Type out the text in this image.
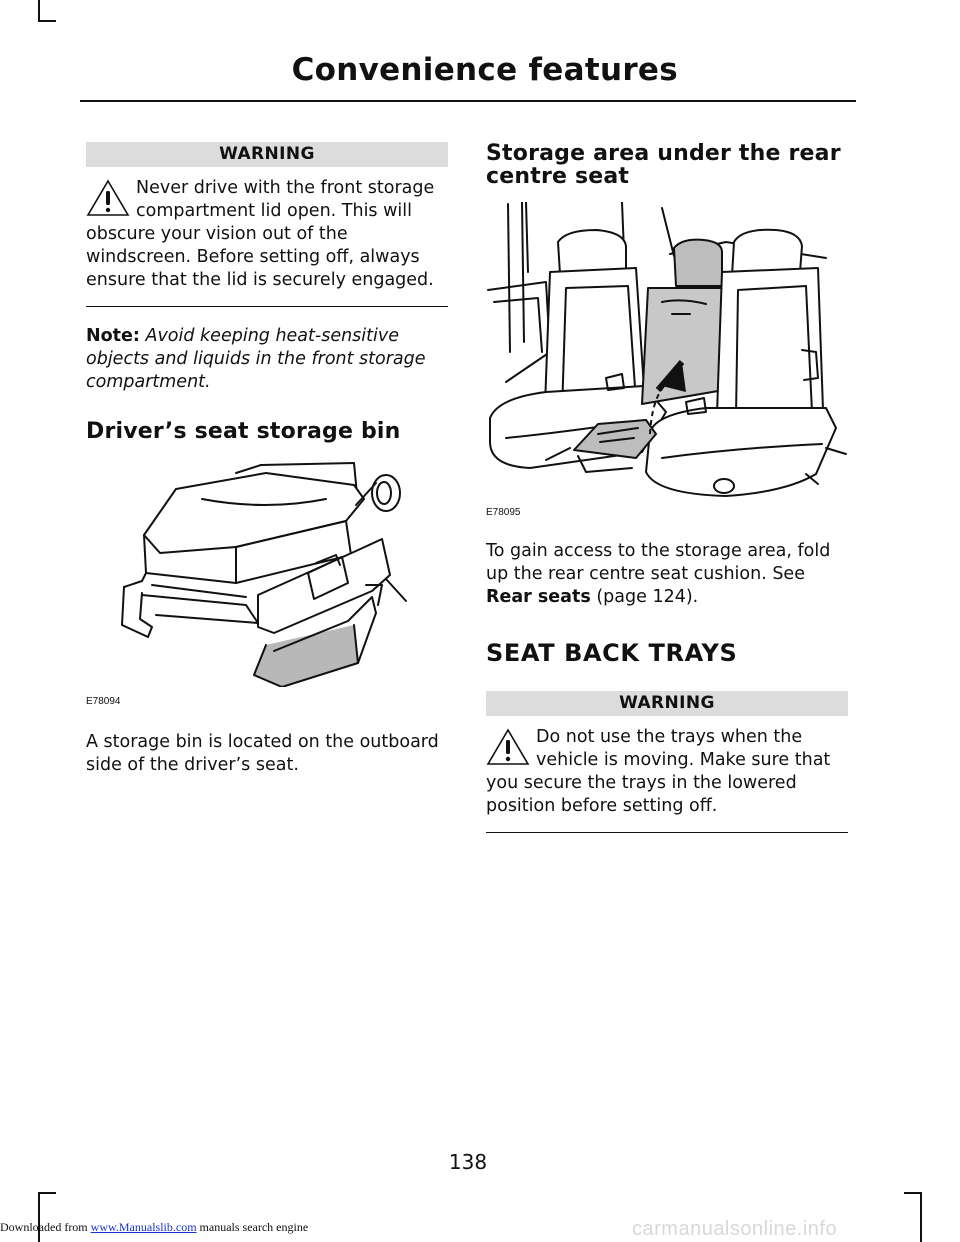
Convenience features
WARNING
Never drive with the front storage compartment lid open. This will obscure your vision out of the windscreen. Before setting off, always ensure that the lid is securely engaged.
Note: Avoid keeping heat-sensitive objects and liquids in the front storage compartment.
Driver’s seat storage bin
E78094
A storage bin is located on the outboard side of the driver’s seat.
Storage area under the rear centre seat
E78095
To gain access to the storage area, fold up the rear centre seat cushion. See Rear seats (page 124).
SEAT BACK TRAYS
WARNING
Do not use the trays when the vehicle is moving. Make sure that you secure the trays in the lowered position before setting off.
138
Downloaded from www.Manualslib.com manuals search engine	carmanualsonline.info
